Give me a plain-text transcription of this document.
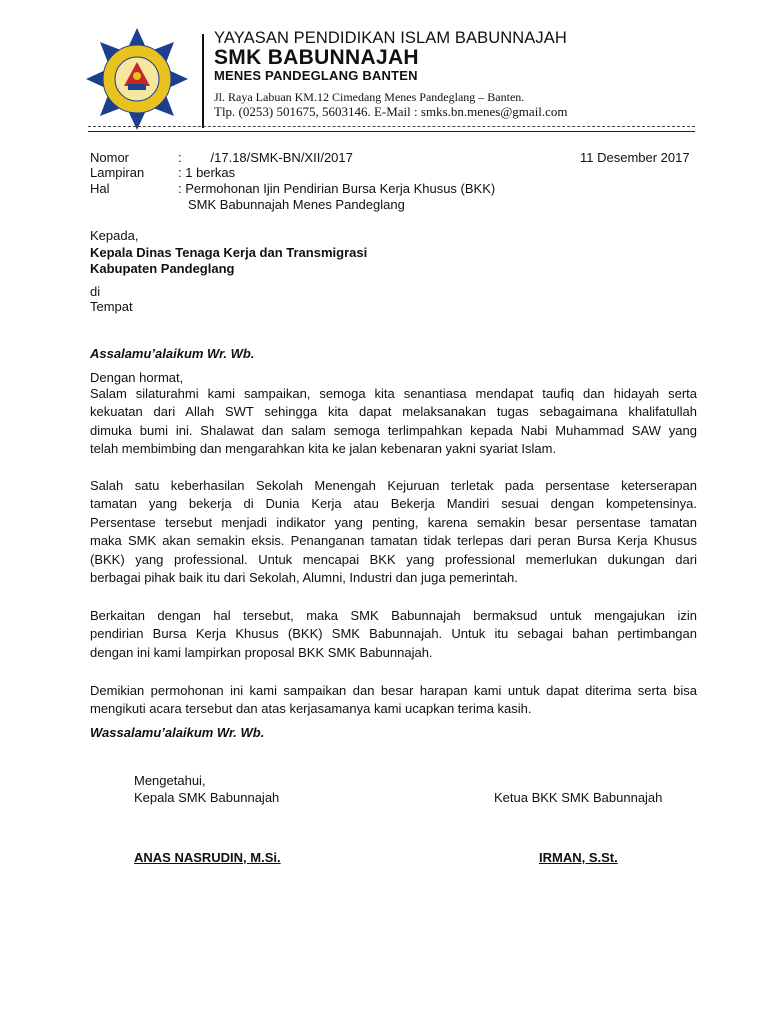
YAYASAN PENDIDIKAN ISLAM BABUNNAJAH
SMK BABUNNAJAH
MENES PANDEGLANG BANTEN
Jl. Raya Labuan KM.12 Cimedang Menes Pandeglang – Banten.
Tlp. (0253) 501675, 5603146. E-Mail : smks.bn.menes@gmail.com
Nomor	:        /17.18/SMK-BN/XII/2017	11 Desember 2017
Lampiran	: 1 berkas
Hal	: Permohonan Ijin Pendirian Bursa Kerja Khusus (BKK)
SMK Babunnajah Menes Pandeglang
Kepada,
Kepala Dinas Tenaga Kerja dan Transmigrasi
Kabupaten Pandeglang
di
Tempat
Assalamu’alaikum Wr. Wb.
Dengan hormat,

Salam silaturahmi kami sampaikan, semoga kita senantiasa mendapat taufiq dan hidayah serta
kekuatan dari Allah SWT sehingga kita dapat melaksanakan tugas sebagaimana khalifatullah
dimuka bumi ini. Shalawat dan salam semoga terlimpahkan kepada Nabi Muhammad SAW yang
telah membimbing dan mengarahkan kita ke jalan kebenaran yakni syariat Islam.

Salah satu keberhasilan Sekolah Menengah Kejuruan terletak pada persentase keterserapan
tamatan yang bekerja di Dunia Kerja atau Bekerja Mandiri sesuai dengan kompetensinya.
Persentase tersebut menjadi indikator yang penting, karena semakin besar persentase tamatan
maka SMK akan semakin eksis. Penanganan tamatan tidak terlepas dari peran Bursa Kerja Khusus
(BKK) yang professional. Untuk mencapai BKK yang professional memerlukan dukungan dari
berbagai pihak baik itu dari Sekolah, Alumni, Industri dan juga pemerintah.

Berkaitan dengan hal tersebut, maka SMK Babunnajah bermaksud untuk mengajukan izin
pendirian Bursa Kerja Khusus (BKK) SMK Babunnajah. Untuk itu sebagai bahan pertimbangan
dengan ini kami lampirkan proposal BKK SMK Babunnajah.

Demikian permohonan ini kami sampaikan dan besar harapan kami untuk dapat diterima serta bisa
mengikuti acara tersebut dan atas kerjasamanya kami ucapkan terima kasih.

Wassalamu’alaikum Wr. Wb.
Mengetahui,
Kepala SMK Babunnajah	Ketua BKK SMK Babunnajah
ANAS NASRUDIN, M.Si.	IRMAN, S.St.
